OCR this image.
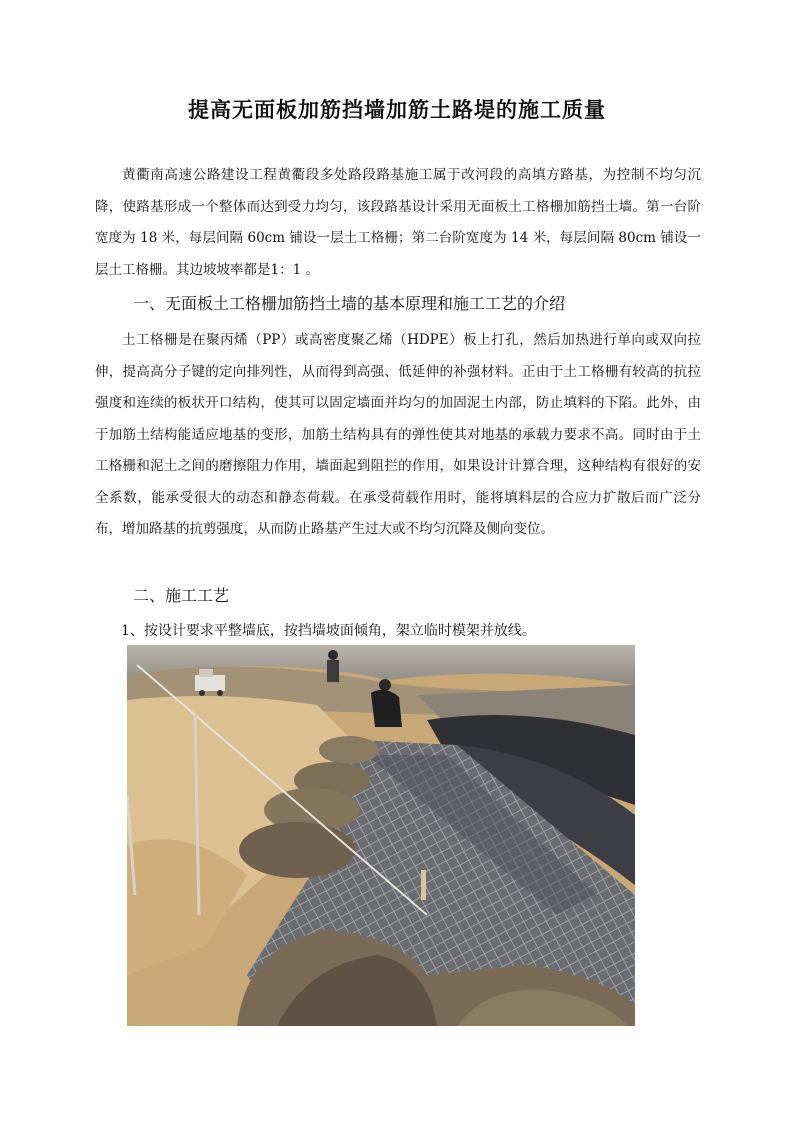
提高无面板加筋挡墙加筋土路堤的施工质量

黄衢南高速公路建设工程黄衢段多处路段路基施工属于改河段的高填方路基，为控制不均匀沉降，使路基形成一个整体而达到受力均匀，该段路基设计采用无面板土工格栅加筋挡土墙。第一台阶宽度为 18 米，每层间隔 60cm 铺设一层土工格栅；第二台阶宽度为 14 米，每层间隔 80cm 铺设一层土工格栅。其边坡坡率都是1：1 。

一、无面板土工格栅加筋挡土墙的基本原理和施工工艺的介绍

土工格栅是在聚丙烯（PP）或高密度聚乙烯（HDPE）板上打孔，然后加热进行单向或双向拉伸，提高高分子键的定向排列性，从而得到高强、低延伸的补强材料。正由于土工格栅有较高的抗拉强度和连续的板状开口结构，使其可以固定墙面并均匀的加固泥土内部，防止填料的下陷。此外，由于加筋土结构能适应地基的变形，加筋土结构具有的弹性使其对地基的承载力要求不高。同时由于土工格栅和泥土之间的磨擦阻力作用，墙面起到阻拦的作用，如果设计计算合理，这种结构有很好的安全系数，能承受很大的动态和静态荷载。在承受荷载作用时，能将填料层的合应力扩散后而广泛分布，增加路基的抗剪强度，从而防止路基产生过大或不均匀沉降及侧向变位。

二、施工工艺

1、按设计要求平整墙底，按挡墙坡面倾角，架立临时模架并放线。
